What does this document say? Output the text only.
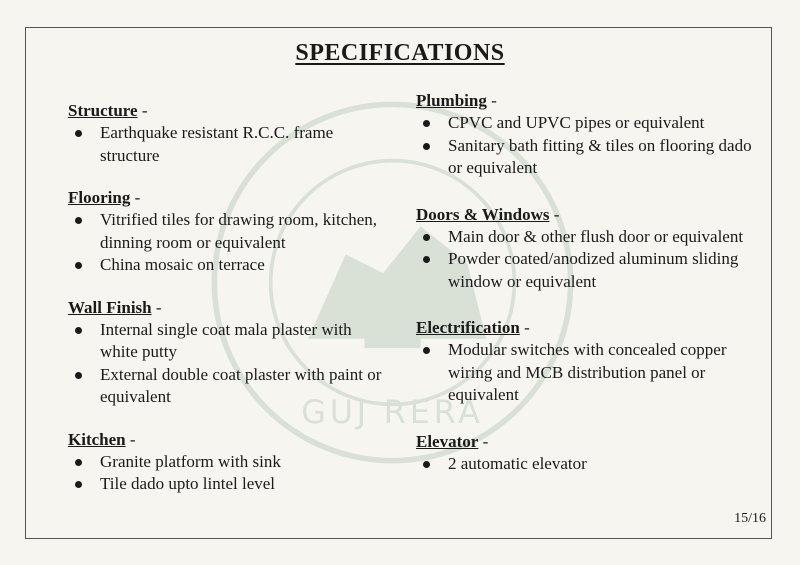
GUJ RERA
SPECIFICATIONS
Structure -
Earthquake resistant R.C.C. frame structure
Flooring -
Vitrified tiles for drawing room, kitchen, dinning room or equivalent
China mosaic on terrace
Wall Finish -
Internal single coat mala plaster with white putty
External double coat plaster with paint or equivalent
Kitchen -
Granite platform with sink
Tile dado upto lintel level
Plumbing -
CPVC and UPVC pipes or equivalent
Sanitary bath fitting & tiles on flooring dado or equivalent
Doors & Windows -
Main door & other flush door or equivalent
Powder coated/anodized aluminum sliding window or equivalent
Electrification -
Modular switches with concealed copper wiring and MCB distribution panel or equivalent
Elevator -
2 automatic elevator
15/16
